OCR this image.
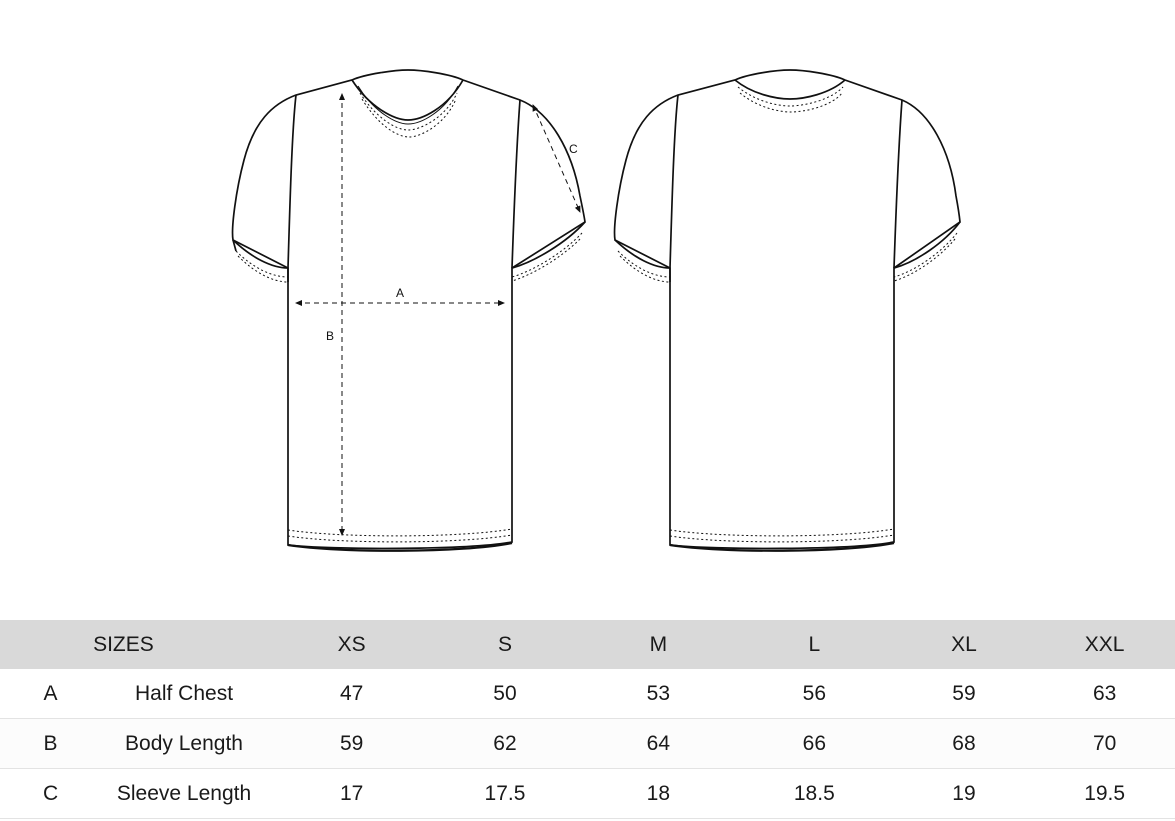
A
B
C
	SIZES	XS	S	M	L	XL	XXL
A	Half Chest	47	50	53	56	59	63
B	Body Length	59	62	64	66	68	70
C	Sleeve Length	17	17.5	18	18.5	19	19.5
